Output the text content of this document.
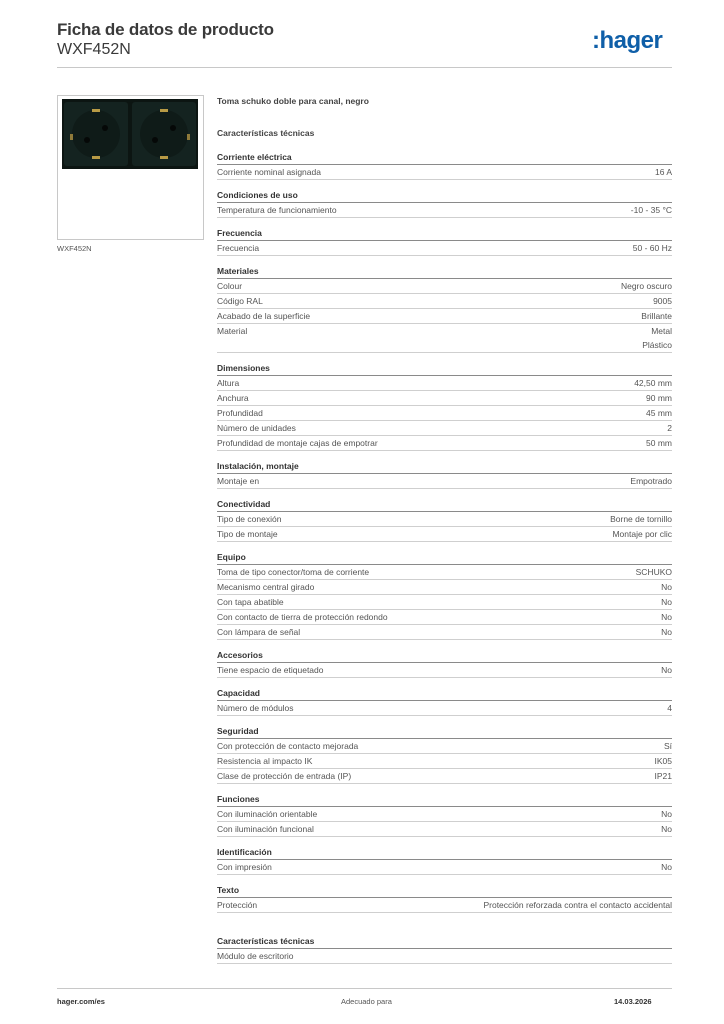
Ficha de datos de producto
WXF452N	:hager
WXF452N
Toma schuko doble para canal, negro
Características técnicas
Corriente eléctrica
Corriente nominal asignada	16 A
Condiciones de uso
Temperatura de funcionamiento	-10 - 35 °C
Frecuencia
Frecuencia	50 - 60 Hz
Materiales
Colour	Negro oscuro
Código RAL	9005
Acabado de la superficie	Brillante
Material	Metal
Plástico
Dimensiones
Altura	42,50 mm
Anchura	90 mm
Profundidad	45 mm
Número de unidades	2
Profundidad de montaje cajas de empotrar	50 mm
Instalación, montaje
Montaje en	Empotrado
Conectividad
Tipo de conexión	Borne de tornillo
Tipo de montaje	Montaje por clic
Equipo
Toma de tipo conector/toma de corriente	SCHUKO
Mecanismo central girado	No
Con tapa abatible	No
Con contacto de tierra de protección redondo	No
Con lámpara de señal	No
Accesorios
Tiene espacio de etiquetado	No
Capacidad
Número de módulos	4
Seguridad
Con protección de contacto mejorada	Sí
Resistencia al impacto IK	IK05
Clase de protección de entrada (IP)	IP21
Funciones
Con iluminación orientable	No
Con iluminación funcional	No
Identificación
Con impresión	No
Texto
Protección	Protección reforzada contra el contacto accidental
Características técnicas
Módulo de escritorio
hager.com/es	Adecuado para	14.03.2026
